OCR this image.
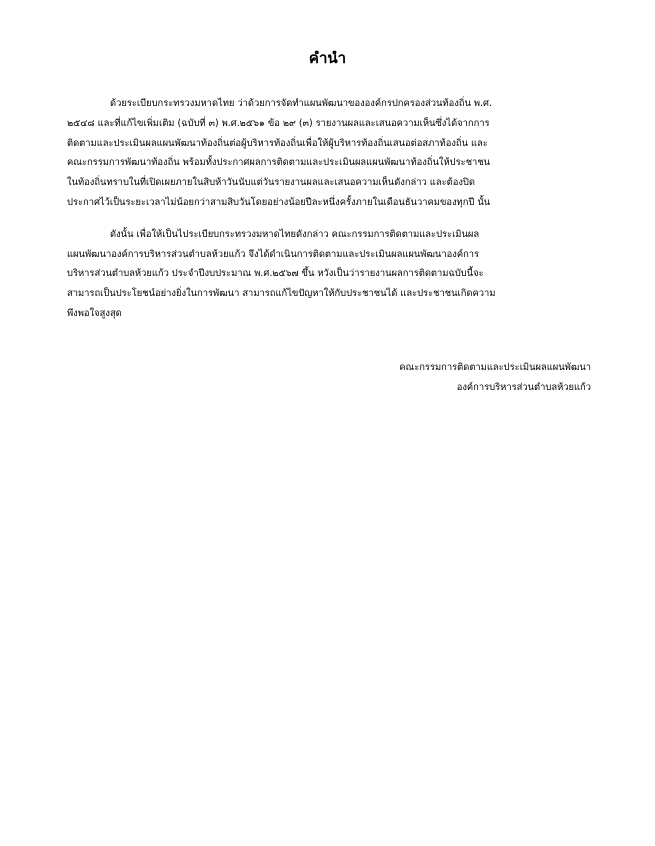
คำนำ

ด้วยระเบียบกระทรวงมหาดไทย ว่าด้วยการจัดทำแผนพัฒนาขององค์กรปกครองส่วนท้องถิ่น พ.ศ.
๒๕๔๘ และที่แก้ไขเพิ่มเติม (ฉบับที่ ๓) พ.ศ.๒๕๖๑ ข้อ ๒๙ (๓) รายงานผลและเสนอความเห็นซึ่งได้จากการ
ติดตามและประเมินผลแผนพัฒนาท้องถิ่นต่อผู้บริหารท้องถิ่นเพื่อให้ผู้บริหารท้องถิ่นเสนอต่อสภาท้องถิ่น และ
คณะกรรมการพัฒนาท้องถิ่น พร้อมทั้งประกาศผลการติดตามและประเมินผลแผนพัฒนาท้องถิ่นให้ประชาชน
ในท้องถิ่นทราบในที่เปิดเผยภายในสิบห้าวันนับแต่วันรายงานผลและเสนอความเห็นดังกล่าว และต้องปิด
ประกาศไว้เป็นระยะเวลาไม่น้อยกว่าสามสิบวันโดยอย่างน้อยปีละหนึ่งครั้งภายในเดือนธันวาคมของทุกปี นั้น

ดังนั้น เพื่อให้เป็นไประเบียบกระทรวงมหาดไทยดังกล่าว คณะกรรมการติดตามและประเมินผล
แผนพัฒนาองค์การบริหารส่วนตำบลห้วยแก้ว จึงได้ดำเนินการติดตามและประเมินผลแผนพัฒนาองค์การ
บริหารส่วนตำบลห้วยแก้ว ประจำปีงบประมาณ พ.ศ.๒๕๖๗ ขึ้น หวังเป็นว่ารายงานผลการติดตามฉบับนี้จะ
สามารถเป็นประโยชน์อย่างยิ่งในการพัฒนา สามารถแก้ไขปัญหาให้กับประชาชนได้ และประชาชนเกิดความ
พึงพอใจสูงสุด

คณะกรรมการติดตามและประเมินผลแผนพัฒนา
องค์การบริหารส่วนตำบลห้วยแก้ว
